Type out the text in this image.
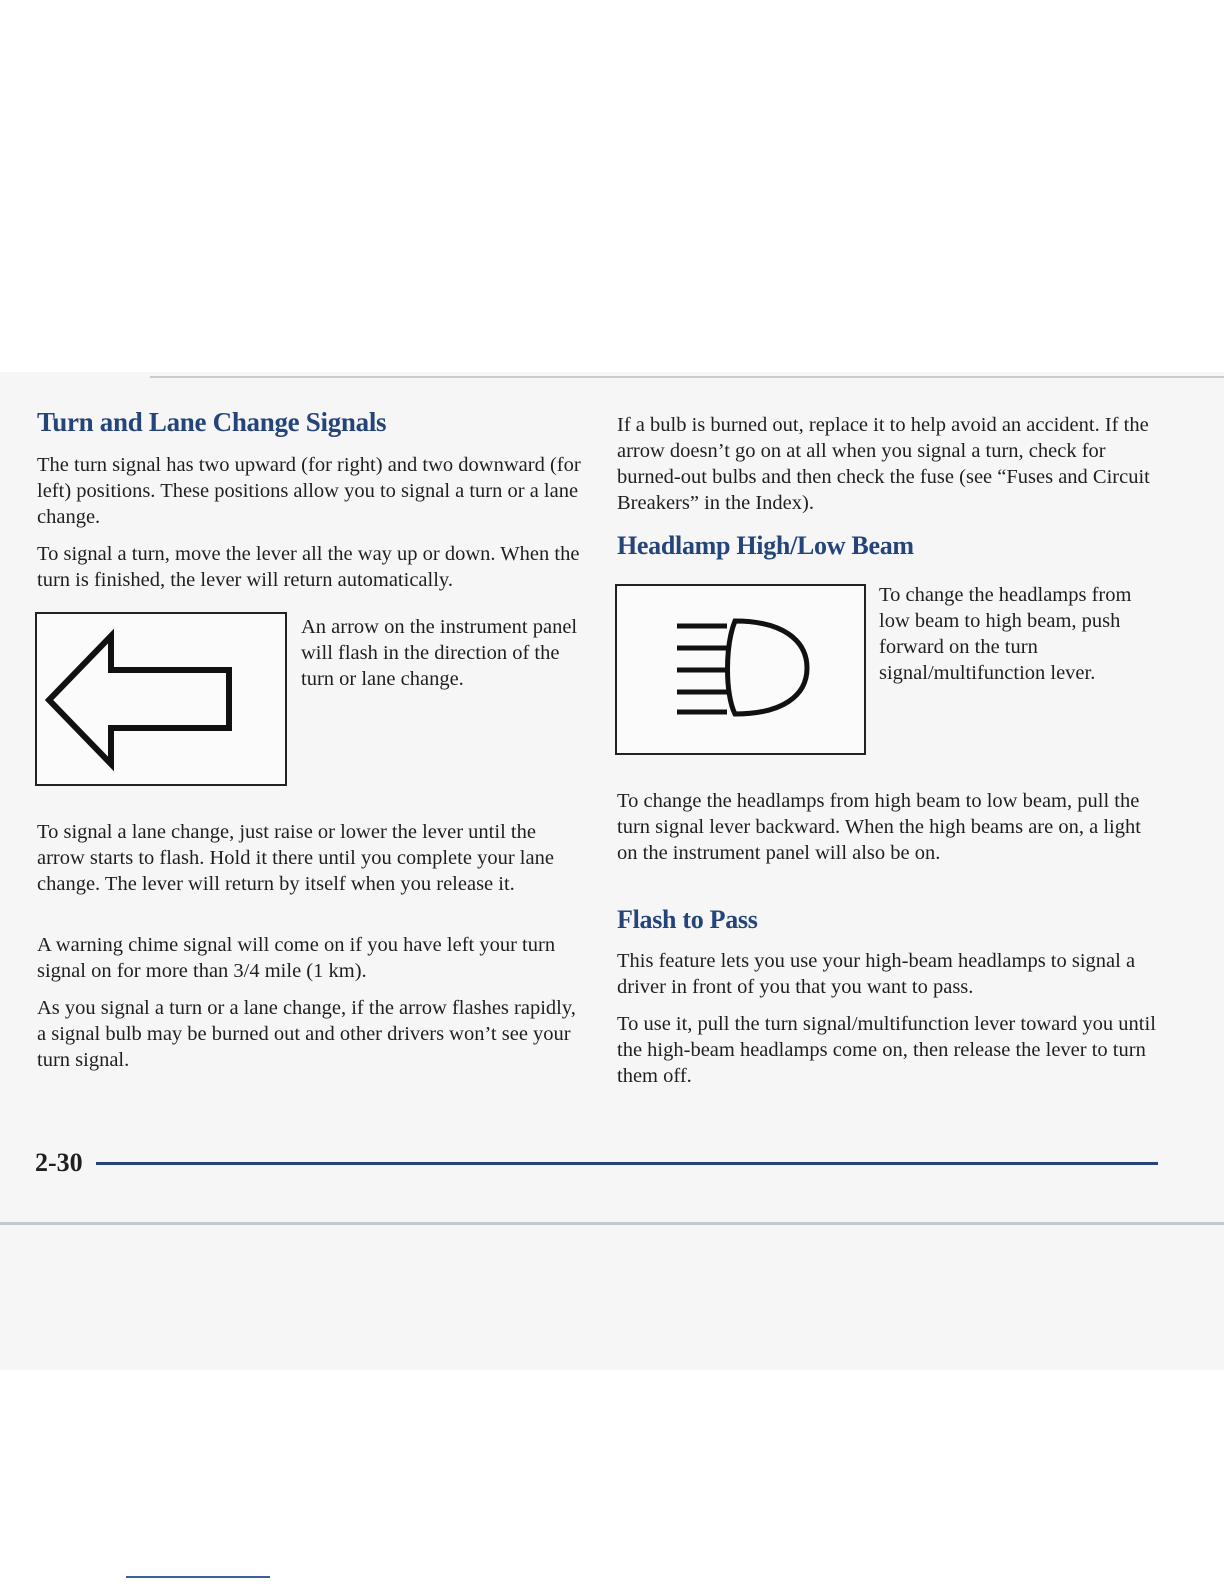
Turn and Lane Change Signals

The turn signal has two upward (for right) and two downward (for left) positions. These positions allow you to signal a turn or a lane change.

To signal a turn, move the lever all the way up or down. When the turn is finished, the lever will return automatically.

An arrow on the instrument panel will flash in the direction of the turn or lane change.

To signal a lane change, just raise or lower the lever until the arrow starts to flash. Hold it there until you complete your lane change. The lever will return by itself when you release it.

A warning chime signal will come on if you have left your turn signal on for more than 3/4 mile (1 km).

As you signal a turn or a lane change, if the arrow flashes rapidly, a signal bulb may be burned out and other drivers won’t see your turn signal.

If a bulb is burned out, replace it to help avoid an accident. If the arrow doesn’t go on at all when you signal a turn, check for burned-out bulbs and then check the fuse (see “Fuses and Circuit Breakers” in the Index).

Headlamp High/Low Beam

To change the headlamps from low beam to high beam, push forward on the turn signal/multifunction lever.

To change the headlamps from high beam to low beam, pull the turn signal lever backward. When the high beams are on, a light on the instrument panel will also be on.

Flash to Pass

This feature lets you use your high-beam headlamps to signal a driver in front of you that you want to pass.

To use it, pull the turn signal/multifunction lever toward you until the high-beam headlamps come on, then release the lever to turn them off.

2-30
